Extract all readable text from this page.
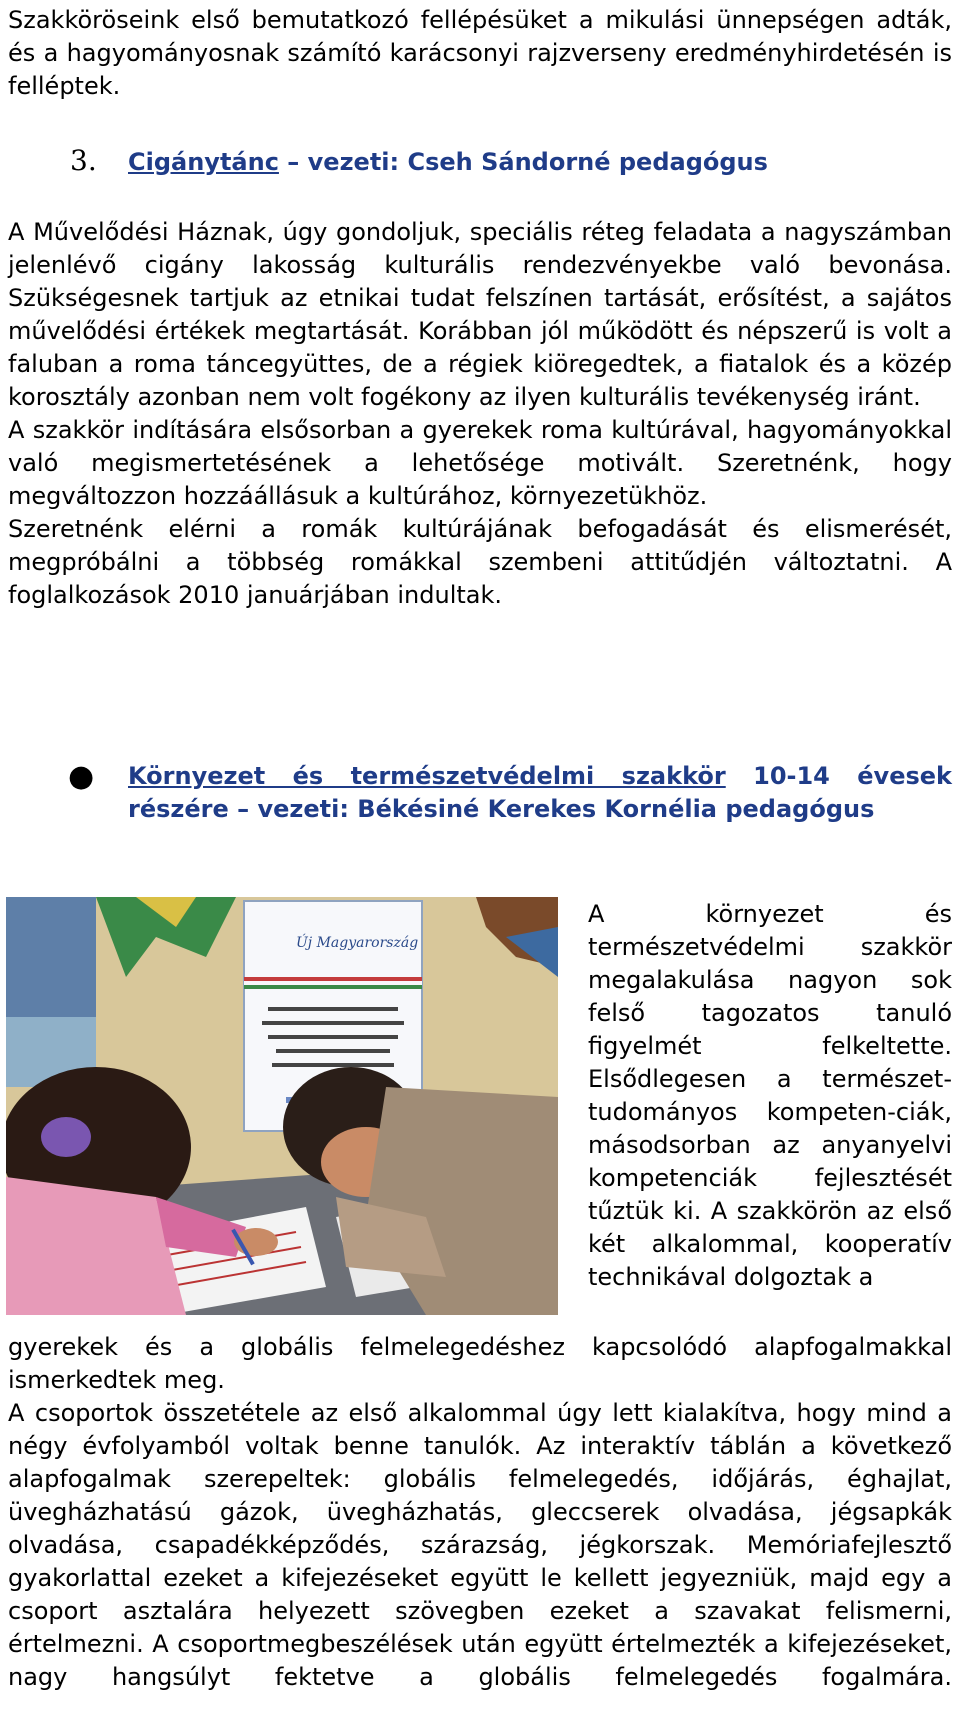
Szakköröseink első bemutatkozó fellépésüket a mikulási ünnepségen adták, és a hagyományosnak számító karácsonyi rajzverseny eredményhirdetésén is felléptek.

3.	Cigánytánc – vezeti: Cseh Sándorné pedagógus

A Művelődési Háznak, úgy gondoljuk, speciális réteg feladata a nagyszámban jelenlévő cigány lakosság kulturális rendezvényekbe való bevonása. Szükségesnek tartjuk az etnikai tudat felszínen tartását, erősítést, a sajátos művelődési értékek megtartását. Korábban jól működött és népszerű is volt a faluban a roma táncegyüttes, de a régiek kiöregedtek, a fiatalok és a közép korosztály azonban nem volt fogékony az ilyen kulturális tevékenység iránt.

A szakkör indítására elsősorban a gyerekek roma kultúrával, hagyományokkal való megismertetésének a lehetősége motivált. Szeretnénk, hogy megváltozzon hozzáállásuk a kultúrához, környezetükhöz.

Szeretnénk elérni a romák kultúrájának befogadását és elismerését, megpróbálni a többség romákkal szembeni attitűdjén változtatni. A foglalkozások 2010 januárjában indultak.

●	Környezet és természetvédelmi szakkör 10-14 évesek részére – vezeti: Békésiné Kerekes Kornélia pedagógus
Új Magyarország

A környezet és természetvédelmi szakkör megalakulása nagyon sok felső tagozatos tanuló figyelmét felkeltette. Elsődlegesen a természet-tudományos kompeten-ciák, másodsorban az anyanyelvi kompetenciák fejlesztését tűztük ki. A szakkörön az első két alkalommal, kooperatív technikával dolgoztak a

gyerekek és a globális felmelegedéshez kapcsolódó alapfogalmakkal ismerkedtek meg.

A csoportok összetétele az első alkalommal úgy lett kialakítva, hogy mind a négy évfolyamból voltak benne tanulók. Az interaktív táblán a következő alapfogalmak szerepeltek: globális felmelegedés, időjárás, éghajlat, üvegházhatású gázok, üvegházhatás, gleccserek olvadása, jégsapkák olvadása, csapadékképződés, szárazság, jégkorszak. Memóriafejlesztő gyakorlattal ezeket a kifejezéseket együtt le kellett jegyezniük, majd egy a csoport asztalára helyezett szövegben ezeket a szavakat felismerni, értelmezni. A csoportmegbeszélések után együtt értelmezték a kifejezéseket, nagy hangsúlyt fektetve a globális felmelegedés fogalmára.
